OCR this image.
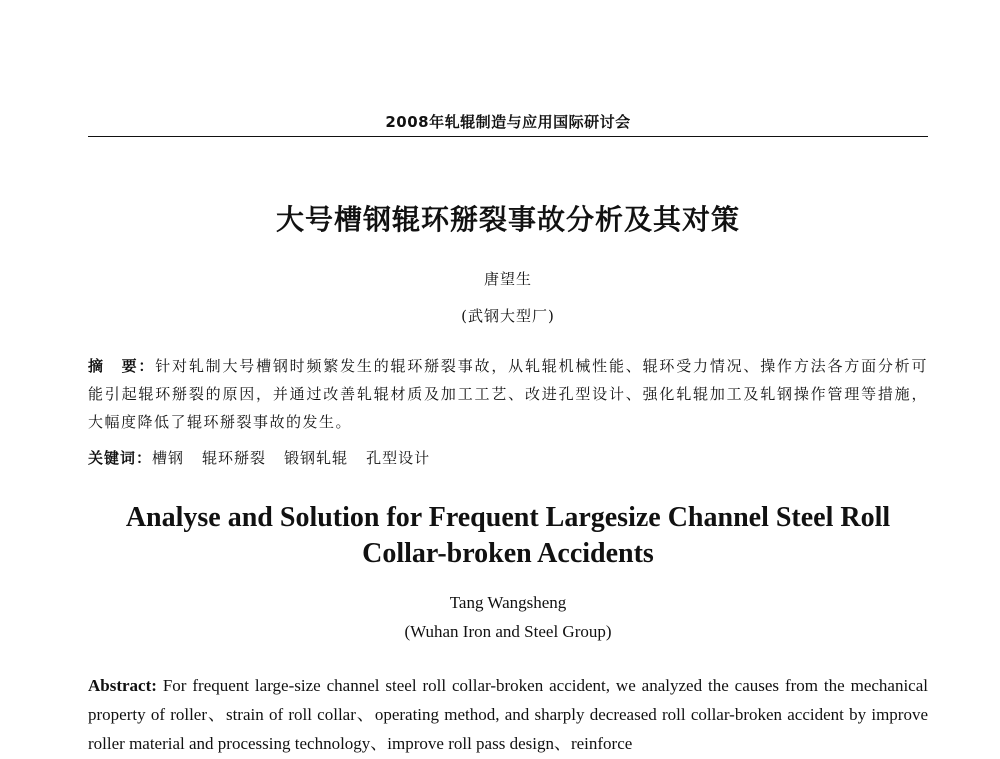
2008年轧辊制造与应用国际研讨会
大号槽钢辊环掰裂事故分析及其对策
唐望生
(武钢大型厂)
摘　要：针对轧制大号槽钢时频繁发生的辊环掰裂事故，从轧辊机械性能、辊环受力情况、操作方法各方面分析可能引起辊环掰裂的原因，并通过改善轧辊材质及加工工艺、改进孔型设计、强化轧辊加工及轧钢操作管理等措施，大幅度降低了辊环掰裂事故的发生。
关键词：槽钢 辊环掰裂 锻钢轧辊 孔型设计
Analyse and Solution for Frequent Largesize Channel Steel Roll
Collar-broken Accidents
Tang Wangsheng
(Wuhan Iron and Steel Group)
Abstract: For frequent large-size channel steel roll collar-broken accident, we analyzed the causes from the mechanical property of roller、strain of roll collar、operating method, and sharply decreased roll collar-broken accident by improve roller material and processing technology、improve roll pass design、reinforce
